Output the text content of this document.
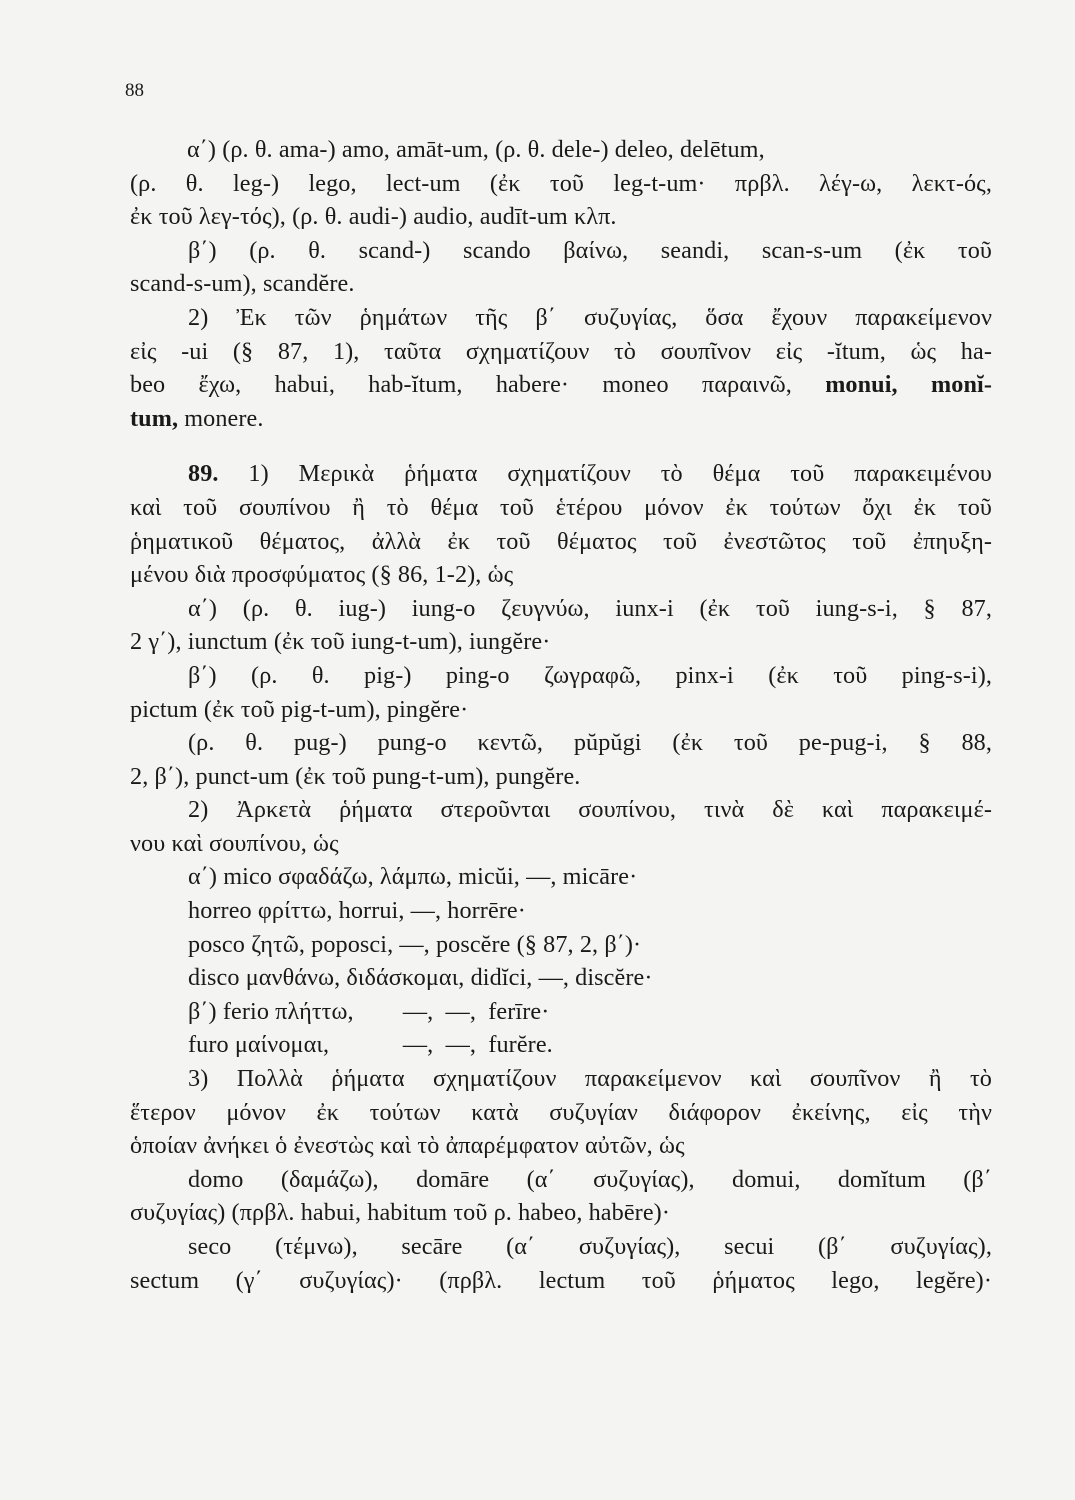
88
α΄) (ρ. θ. ama-) amo, amāt-um, (ρ. θ. dele-) deleo, delētum,
(ρ. θ. leg-) lego, lect-um (ἐκ τοῦ leg-t-um· πρβλ. λέγ-ω, λεκτ-ός,
ἐκ τοῦ λεγ-τός), (ρ. θ. audi-) audio, audīt-um κλπ.
β΄) (ρ. θ. scand-) scando βαίνω, seandi, scan-s-um (ἐκ τοῦ
scand-s-um), scandĕre.
2) Ἐκ τῶν ῥημάτων τῆς β΄ συζυγίας, ὅσα ἔχουν παρακείμενον
εἰς -ui (§ 87, 1), ταῦτα σχηματίζουν τὸ σουπῖνον εἰς -ĭtum, ὡς ha-
beo ἔχω, habui, hab-ĭtum, habere· moneo παραινῶ, monui, monĭ-
tum, monere.
89. 1) Μερικὰ ῥήματα σχηματίζουν τὸ θέμα τοῦ παρακειμένου
καὶ τοῦ σουπίνου ἢ τὸ θέμα τοῦ ἑτέρου μόνον ἐκ τούτων ὄχι ἐκ τοῦ
ῥηματικοῦ θέματος, ἀλλὰ ἐκ τοῦ θέματος τοῦ ἐνεστῶτος τοῦ ἐπηυξη-
μένου διὰ προσφύματος (§ 86, 1-2), ὡς
α΄) (ρ. θ. iug-) iung-o ζευγνύω, iunx-i (ἐκ τοῦ iung-s-i, § 87,
2 γ΄), iunctum (ἐκ τοῦ iung-t-um), iungĕre·
β΄) (ρ. θ. pig-) ping-o ζωγραφῶ, pinx-i (ἐκ τοῦ ping-s-i),
pictum (ἐκ τοῦ pig-t-um), pingĕre·
(ρ. θ. pug-) pung-o κεντῶ, pŭpŭgi (ἐκ τοῦ pe-pug-i, § 88,
2, β΄), punct-um (ἐκ τοῦ pung-t-um), pungĕre.
2) Ἀρκετὰ ῥήματα στεροῦνται σουπίνου, τινὰ δὲ καὶ παρακειμέ-
νου καὶ σουπίνου, ὡς
α΄) mico σφαδάζω, λάμπω, micŭi, —, micāre·
horreo φρίττω, horrui, —, horrēre·
posco ζητῶ, poposci, —, poscĕre (§ 87, 2, β΄)·
disco μανθάνω, διδάσκομαι, didĭci, —, discĕre·
β΄) ferio πλήττω,        —,  —,  ferīre·
furo μαίνομαι,            —,  —,  furĕre.
3) Πολλὰ ῥήματα σχηματίζουν παρακείμενον καὶ σουπῖνον ἢ τὸ
ἕτερον μόνον ἐκ τούτων κατὰ συζυγίαν διάφορον ἐκείνης, εἰς τὴν
ὁποίαν ἀνήκει ὁ ἐνεστὼς καὶ τὸ ἀπαρέμφατον αὐτῶν, ὡς
domo (δαμάζω), domāre (α΄ συζυγίας), domui, domĭtum (β΄
συζυγίας) (πρβλ. habui, habitum τοῦ ρ. habeo, habēre)·
seco (τέμνω), secāre (α΄ συζυγίας), secui (β΄ συζυγίας),
sectum (γ΄ συζυγίας)· (πρβλ. lectum τοῦ ῥήματος lego, legĕre)·
